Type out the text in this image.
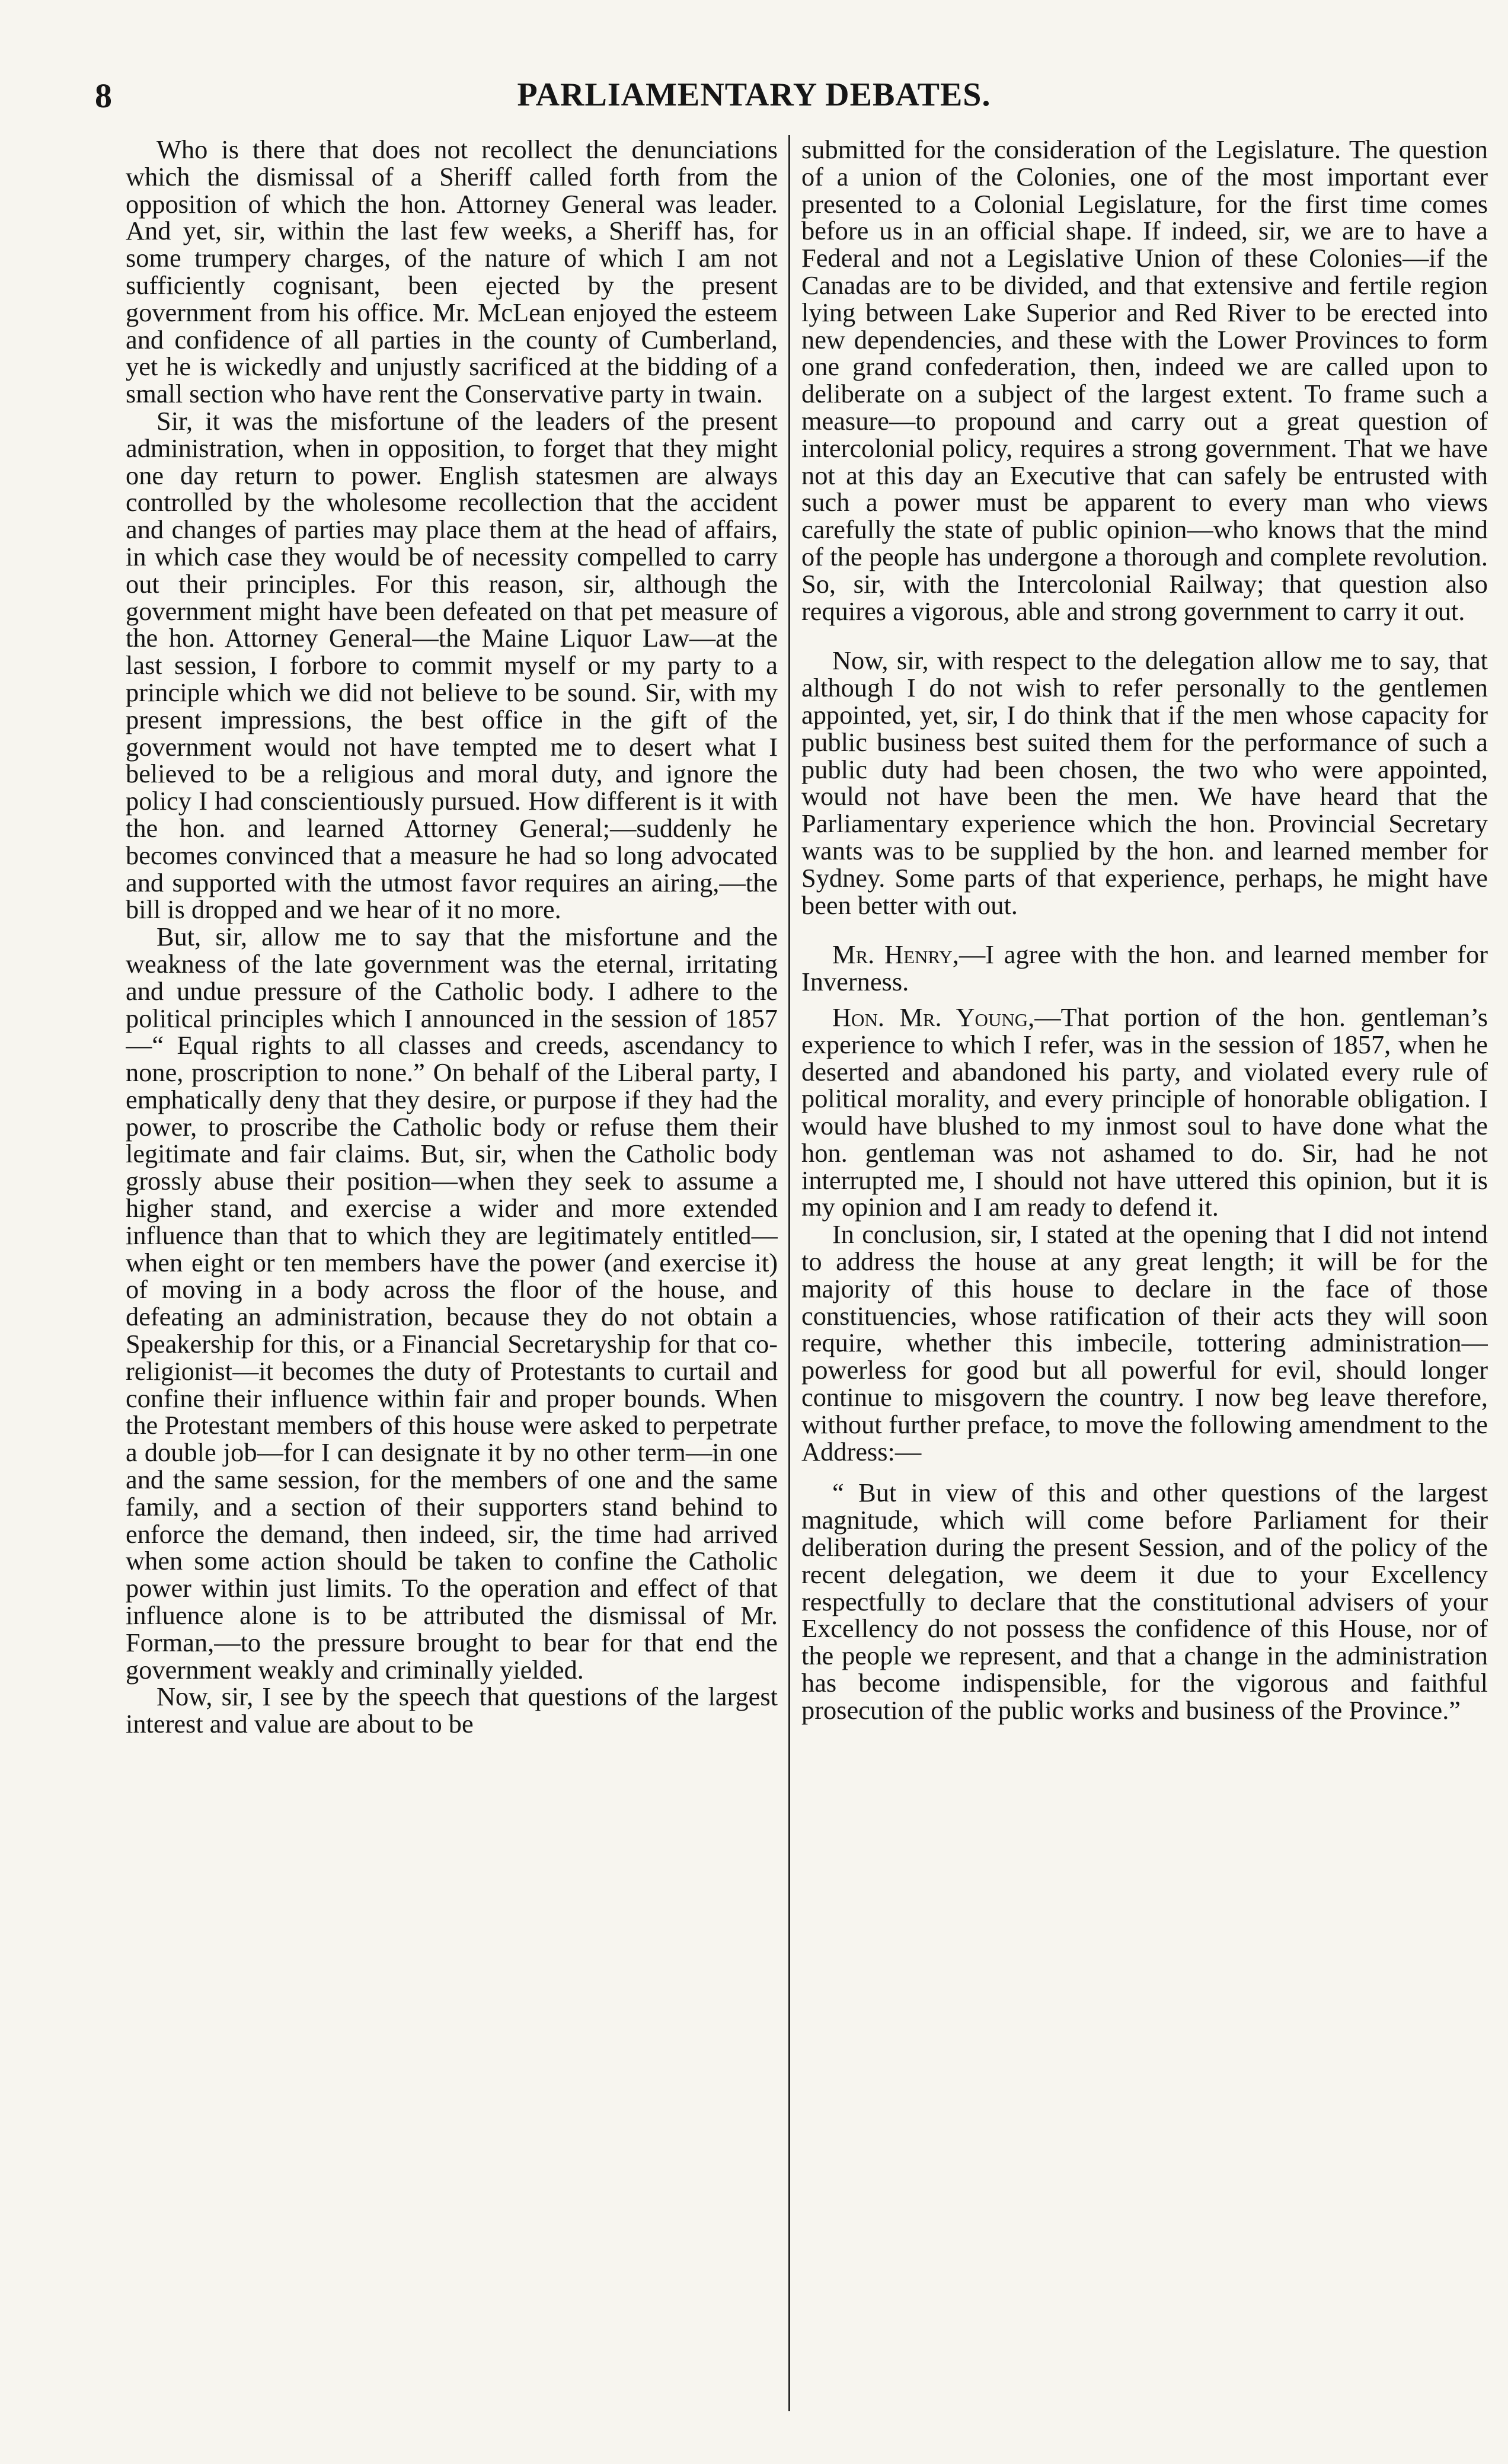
8	PARLIAMENTARY DEBATES.

Who is there that does not recollect the denunciations which the dismissal of a Sheriff called forth from the opposition of which the hon. Attorney General was leader. And yet, sir, within the last few weeks, a Sheriff has, for some trumpery charges, of the nature of which I am not sufficiently cognisant, been ejected by the present government from his office. Mr. McLean enjoyed the esteem and confidence of all parties in the county of Cumberland, yet he is wickedly and unjustly sacrificed at the bidding of a small section who have rent the Conservative party in twain.

Sir, it was the misfortune of the leaders of the present administration, when in opposition, to forget that they might one day return to power. English statesmen are always controlled by the wholesome recollection that the accident and changes of parties may place them at the head of affairs, in which case they would be of necessity compelled to carry out their principles. For this reason, sir, although the government might have been defeated on that pet measure of the hon. Attorney General—the Maine Liquor Law—at the last session, I forbore to commit myself or my party to a principle which we did not believe to be sound. Sir, with my present impressions, the best office in the gift of the government would not have tempted me to desert what I believed to be a religious and moral duty, and ignore the policy I had conscientiously pursued. How different is it with the hon. and learned Attorney General;—suddenly he becomes convinced that a measure he had so long advocated and supported with the utmost favor requires an airing,—the bill is dropped and we hear of it no more.

But, sir, allow me to say that the misfortune and the weakness of the late government was the eternal, irritating and undue pressure of the Catholic body. I adhere to the political principles which I announced in the session of 1857—“ Equal rights to all classes and creeds, ascendancy to none, proscription to none.” On behalf of the Liberal party, I emphatically deny that they desire, or purpose if they had the power, to proscribe the Catholic body or refuse them their legitimate and fair claims. But, sir, when the Catholic body grossly abuse their position—when they seek to assume a higher stand, and exercise a wider and more extended influence than that to which they are legitimately entitled—when eight or ten members have the power (and exercise it) of moving in a body across the floor of the house, and defeating an administration, because they do not obtain a Speakership for this, or a Financial Secretaryship for that co-religionist—it becomes the duty of Protestants to curtail and confine their influence within fair and proper bounds. When the Protestant members of this house were asked to perpetrate a double job—for I can designate it by no other term—in one and the same session, for the members of one and the same family, and a section of their supporters stand behind to enforce the demand, then indeed, sir, the time had arrived when some action should be taken to confine the Catholic power within just limits. To the operation and effect of that influence alone is to be attributed the dismissal of Mr. Forman,—to the pressure brought to bear for that end the government weakly and criminally yielded.

Now, sir, I see by the speech that questions of the largest interest and value are about to be

submitted for the consideration of the Legislature. The question of a union of the Colonies, one of the most important ever presented to a Colonial Legislature, for the first time comes before us in an official shape. If indeed, sir, we are to have a Federal and not a Legislative Union of these Colonies—if the Canadas are to be divided, and that extensive and fertile region lying between Lake Superior and Red River to be erected into new dependencies, and these with the Lower Provinces to form one grand confederation, then, indeed we are called upon to deliberate on a subject of the largest extent. To frame such a measure—to propound and carry out a great question of intercolonial policy, requires a strong government. That we have not at this day an Executive that can safely be entrusted with such a power must be apparent to every man who views carefully the state of public opinion—who knows that the mind of the people has undergone a thorough and complete revolution. So, sir, with the Intercolonial Railway; that question also requires a vigorous, able and strong government to carry it out.

Now, sir, with respect to the delegation allow me to say, that although I do not wish to refer personally to the gentlemen appointed, yet, sir, I do think that if the men whose capacity for public business best suited them for the performance of such a public duty had been chosen, the two who were appointed, would not have been the men. We have heard that the Parliamentary experience which the hon. Provincial Secretary wants was to be supplied by the hon. and learned member for Sydney. Some parts of that experience, perhaps, he might have been better with out.

Mr. Henry,—I agree with the hon. and learned member for Inverness.

Hon. Mr. Young,—That portion of the hon. gentleman’s experience to which I refer, was in the session of 1857, when he deserted and abandoned his party, and violated every rule of political morality, and every principle of honorable obligation. I would have blushed to my inmost soul to have done what the hon. gentleman was not ashamed to do. Sir, had he not interrupted me, I should not have uttered this opinion, but it is my opinion and I am ready to defend it.

In conclusion, sir, I stated at the opening that I did not intend to address the house at any great length; it will be for the majority of this house to declare in the face of those constituencies, whose ratification of their acts they will soon require, whether this imbecile, tottering administration—powerless for good but all powerful for evil, should longer continue to misgovern the country. I now beg leave therefore, without further preface, to move the following amendment to the Address:—

“ But in view of this and other questions of the largest magnitude, which will come before Parliament for their deliberation during the present Session, and of the policy of the recent delegation, we deem it due to your Excellency respectfully to declare that the constitutional advisers of your Excellency do not possess the confidence of this House, nor of the people we represent, and that a change in the administration has become indispensible, for the vigorous and faithful prosecution of the public works and business of the Province.”
